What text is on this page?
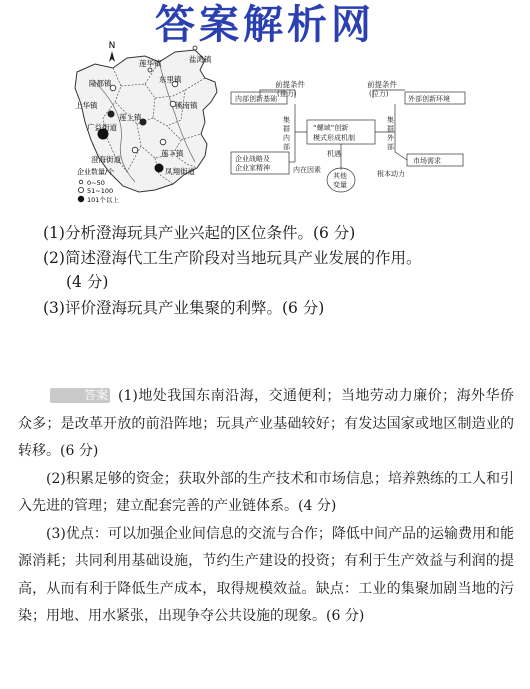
答案解析网
N
盐鸿镇
莲华镇
隆都镇	东里镇
上华镇	溪南镇
莲上镇
广益街道
澄海街道
莲下镇
凤翔街道
企业数量/个
0~50
51~100
101个以上
前提条件
(推力)
前提条件
(拉力)
内部创新基础	外部创新环境
集群内部
集群外部
“螺域”创新
模式形成机制
企业战略及
企业家精神	内在因素
机遇
其他
变量
市场需求
根本动力
(1)分析澄海玩具产业兴起的区位条件。(6 分)
(2)简述澄海代工生产阶段对当地玩具产业发展的作用。
(4 分)
(3)评价澄海玩具产业集聚的利弊。(6 分)

答案 (1)地处我国东南沿海，交通便利；当地劳动力廉价；海外华侨众多；是改革开放的前沿阵地；玩具产业基础较好；有发达国家或地区制造业的转移。(6 分)

(2)积累足够的资金；获取外部的生产技术和市场信息；培养熟练的工人和引入先进的管理；建立配套完善的产业链体系。(4 分)

(3)优点：可以加强企业间信息的交流与合作；降低中间产品的运输费用和能源消耗；共同利用基础设施，节约生产建设的投资；有利于生产效益与利润的提高，从而有利于降低生产成本，取得规模效益。缺点：工业的集聚加剧当地的污染；用地、用水紧张，出现争夺公共设施的现象。(6 分)
